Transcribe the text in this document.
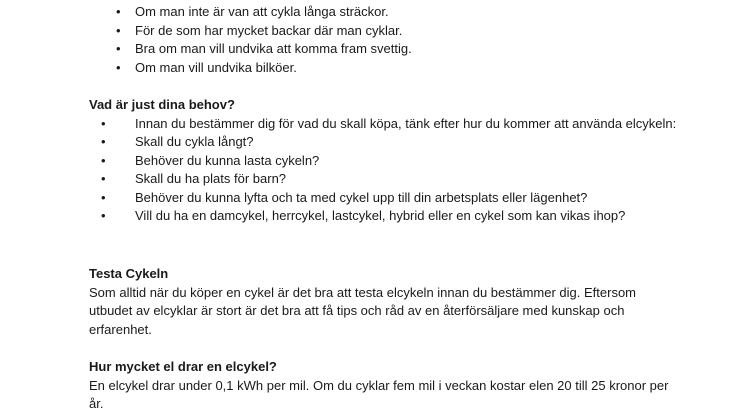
• Om man inte är van att cykla långa sträckor.
• För de som har mycket backar där man cyklar.
• Bra om man vill undvika att komma fram svettig.
• Om man vill undvika bilköer.

Vad är just dina behov?

• Innan du bestämmer dig för vad du skall köpa, tänk efter hur du kommer att använda elcykeln:
• Skall du cykla långt?
• Behöver du kunna lasta cykeln?
• Skall du ha plats för barn?
• Behöver du kunna lyfta och ta med cykel upp till din arbetsplats eller lägenhet?
• Vill du ha en damcykel, herrcykel, lastcykel, hybrid eller en cykel som kan vikas ihop?

Testa Cykeln

Som alltid när du köper en cykel är det bra att testa elcykeln innan du bestämmer dig. Eftersom utbudet av elcyklar är stort är det bra att få tips och råd av en återförsäljare med kunskap och erfarenhet.

Hur mycket el drar en elcykel?

En elcykel drar under 0,1 kWh per mil. Om du cyklar fem mil i veckan kostar elen 20 till 25 kronor per år.
